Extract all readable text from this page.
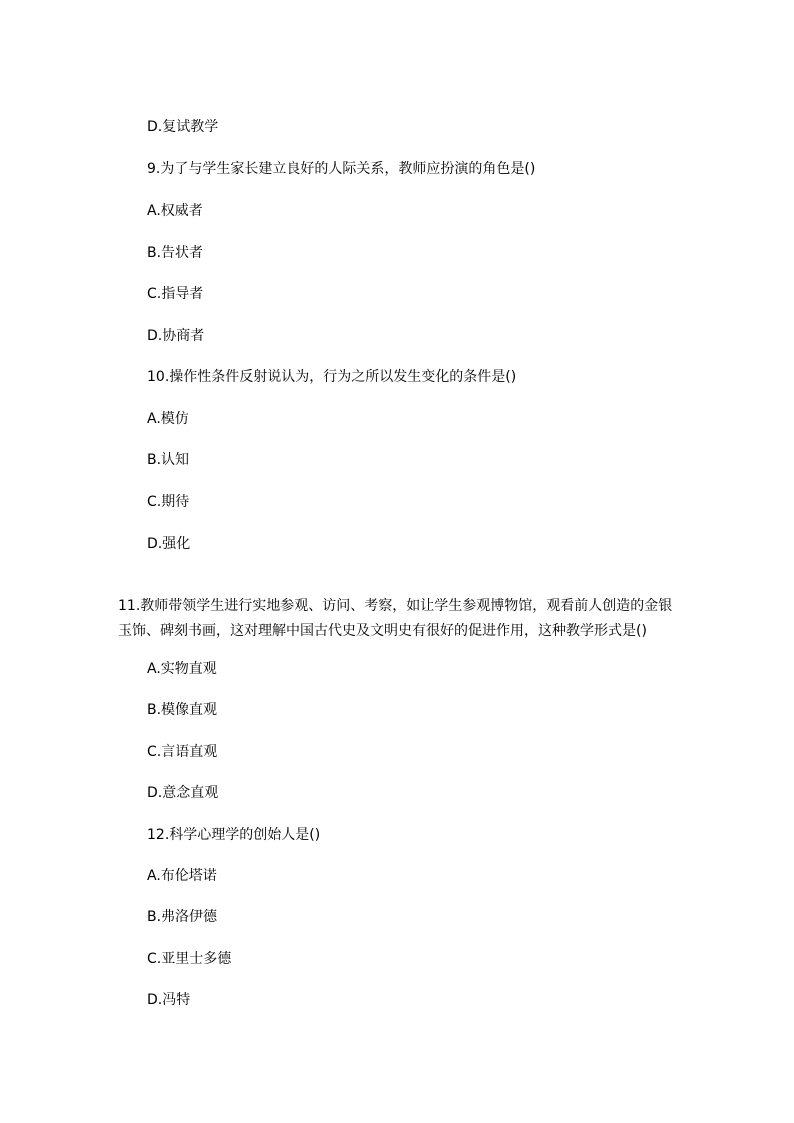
D.复试教学
9.为了与学生家长建立良好的人际关系，教师应扮演的角色是()
A.权威者
B.告状者
C.指导者
D.协商者
10.操作性条件反射说认为，行为之所以发生变化的条件是()
A.模仿
B.认知
C.期待
D.强化
11.教师带领学生进行实地参观、访问、考察，如让学生参观博物馆，观看前人创造的金银玉饰、碑刻书画，这对理解中国古代史及文明史有很好的促进作用，这种教学形式是()
A.实物直观
B.模像直观
C.言语直观
D.意念直观
12.科学心理学的创始人是()
A.布伦塔诺
B.弗洛伊德
C.亚里士多德
D.冯特
